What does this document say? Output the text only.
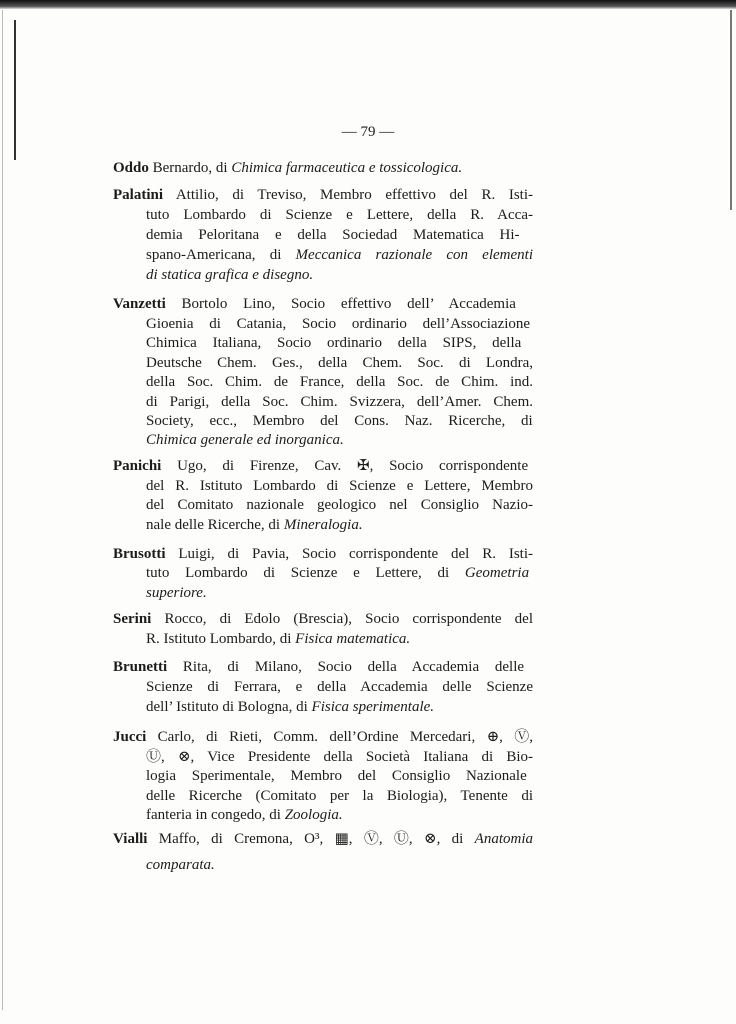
— 79 —
Oddo Bernardo, di Chimica farmaceutica e tossicologica.
Palatini Attilio, di Treviso, Membro effettivo del R. Isti-
tuto Lombardo di Scienze e Lettere, della R. Acca-
demia Peloritana e della Sociedad Matematica Hi-
spano-Americana, di Meccanica razionale con elementi
di statica grafica e disegno.
Vanzetti Bortolo Lino, Socio effettivo dell’ Accademia
Gioenia di Catania, Socio ordinario dell’Associazione
Chimica Italiana, Socio ordinario della SIPS, della
Deutsche Chem. Ges., della Chem. Soc. di Londra,
della Soc. Chim. de France, della Soc. de Chim. ind.
di Parigi, della Soc. Chim. Svizzera, dell’Amer. Chem.
Society, ecc., Membro del Cons. Naz. Ricerche, di
Chimica generale ed inorganica.
Panichi Ugo, di Firenze, Cav. ✠, Socio corrispondente
del R. Istituto Lombardo di Scienze e Lettere, Membro
del Comitato nazionale geologico nel Consiglio Nazio-
nale delle Ricerche, di Mineralogia.
Brusotti Luigi, di Pavia, Socio corrispondente del R. Isti-
tuto Lombardo di Scienze e Lettere, di Geometria
superiore.
Serini Rocco, di Edolo (Brescia), Socio corrispondente del
R. Istituto Lombardo, di Fisica matematica.
Brunetti Rita, di Milano, Socio della Accademia delle
Scienze di Ferrara, e della Accademia delle Scienze
dell’ Istituto di Bologna, di Fisica sperimentale.
Jucci Carlo, di Rieti, Comm. dell’Ordine Mercedari, ⊕, Ⓥ,
Ⓤ, ⊗, Vice Presidente della Società Italiana di Bio-
logia Sperimentale, Membro del Consiglio Nazionale
delle Ricerche (Comitato per la Biologia), Tenente di
fanteria in congedo, di Zoologia.
Vialli Maffo, di Cremona, O³, ▦, Ⓥ, Ⓤ, ⊗, di Anatomia
comparata.
